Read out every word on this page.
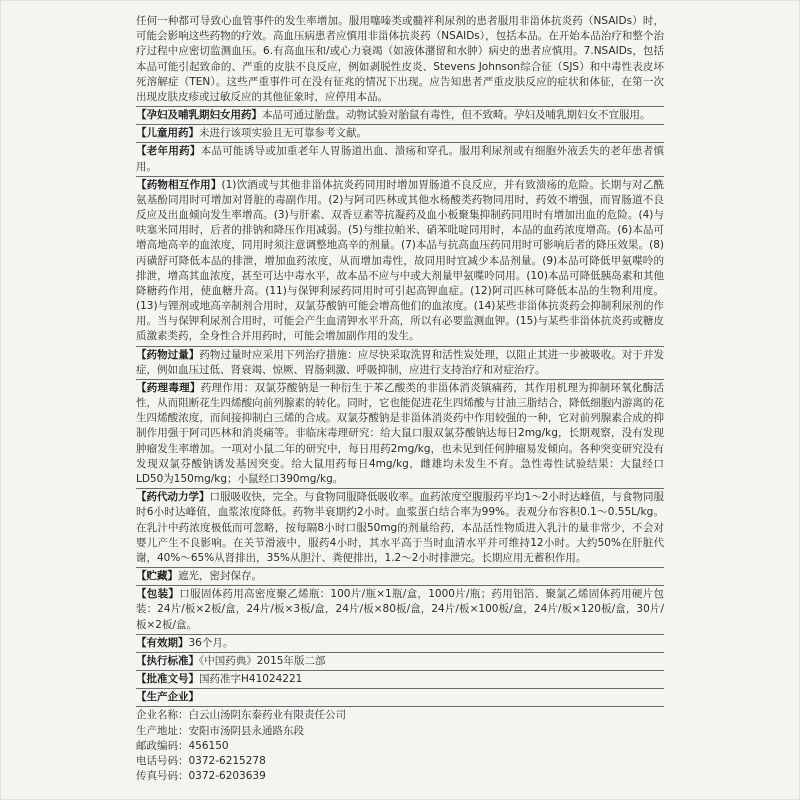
任何一种都可导致心血管事件的发生率增加。服用噻嗪类或髓袢利尿剂的患者服用非甾体抗炎药（NSAIDs）时，可能会影响这些药物的疗效。高血压病患者应慎用非甾体抗炎药（NSAIDs），包括本品。在开始本品治疗和整个治疗过程中应密切监测血压。6.有高血压和/或心力衰竭（如液体潴留和水肿）病史的患者应慎用。7.NSAIDs，包括本品可能引起致命的、严重的皮肤不良反应，例如剥脱性皮炎、Stevens Johnson综合征（SJS）和中毒性表皮坏死溶解症（TEN）。这些严重事件可在没有征兆的情况下出现。应告知患者严重皮肤反应的症状和体征，在第一次出现皮肤皮疹或过敏反应的其他征象时，应停用本品。

【孕妇及哺乳期妇女用药】本品可通过胎盘。动物试验对胎鼠有毒性，但不致畸。孕妇及哺乳期妇女不宜服用。

【儿童用药】未进行该项实验且无可靠参考文献。

【老年用药】本品可能诱导或加重老年人胃肠道出血、溃疡和穿孔。服用利尿剂或有细胞外液丢失的老年患者慎用。

【药物相互作用】(1)饮酒或与其他非甾体抗炎药同用时增加胃肠道不良反应，并有致溃疡的危险。长期与对乙酰氨基酚同用时可增加对肾脏的毒副作用。(2)与阿司匹林或其他水杨酸类药物同用时，药效不增强，而胃肠道不良反应及出血倾向发生率增高。(3)与肝素、双香豆素等抗凝药及血小板聚集抑制药同用时有增加出血的危险。(4)与呋塞米同用时，后者的排钠和降压作用减弱。(5)与维拉帕米、硝苯吡啶同用时，本品的血药浓度增高。(6)本品可增高地高辛的血浓度，同用时须注意调整地高辛的剂量。(7)本品与抗高血压药同用时可影响后者的降压效果。(8)丙磺舒可降低本品的排泄，增加血药浓度，从而增加毒性，故同用时宜减少本品剂量。(9)本品可降低甲氨喋呤的排泄，增高其血浓度，甚至可达中毒水平，故本品不应与中或大剂量甲氨喋呤同用。(10)本品可降低胰岛素和其他降糖药作用，使血糖升高。(11)与保钾利尿药同用时可引起高钾血症。(12)阿司匹林可降低本品的生物利用度。(13)与锂剂或地高辛制剂合用时，双氯芬酸钠可能会增高他们的血浓度。(14)某些非甾体抗炎药会抑制利尿剂的作用。当与保钾利尿剂合用时，可能会产生血清钾水平升高，所以有必要监测血钾。(15)与某些非甾体抗炎药或糖皮质激素类药，全身性合并用药时，可能会增加副作用的发生。

【药物过量】药物过量时应采用下列治疗措施：应尽快采取洗胃和活性炭处理，以阻止其进一步被吸收。对于并发症，例如血压过低、肾衰竭、惊厥、胃肠刺激、呼吸抑制，应进行支持治疗和对症治疗。

【药理毒理】药理作用：双氯芬酸钠是一种衍生于苯乙酸类的非甾体消炎镇痛药，其作用机理为抑制环氧化酶活性，从而阻断花生四烯酸向前列腺素的转化。同时，它也能促进花生四烯酸与甘油三脂结合，降低细胞内游离的花生四烯酸浓度，而间接抑制白三烯的合成。双氯芬酸钠是非甾体消炎药中作用较强的一种，它对前列腺素合成的抑制作用强于阿司匹林和消炎痛等。非临床毒理研究：给大鼠口服双氯芬酸钠达每日2mg/kg，长期观察，没有发现肿瘤发生率增加。一项对小鼠二年的研究中，每日用药2mg/kg，也未见到任何肿瘤易发倾向。各种突变研究没有发现双氯芬酸钠诱发基因突变。给大鼠用药每日4mg/kg，雌雄均未发生不育。急性毒性试验结果：大鼠经口LD50为150mg/kg；小鼠经口390mg/kg。

【药代动力学】口服吸收快，完全。与食物同服降低吸收率。血药浓度空腹服药平均1～2小时达峰值，与食物同服时6小时达峰值，血浆浓度降低。药物半衰期约2小时。血浆蛋白结合率为99%。表观分布容积0.1～0.55L/kg。在乳汁中药浓度极低而可忽略，按每隔8小时口服50mg的剂量给药，本品活性物质进入乳汁的量非常少，不会对婴儿产生不良影响。在关节滑液中，服药4小时，其水平高于当时血清水平并可维持12小时。大约50%在肝脏代谢，40%～65%从肾排出，35%从胆汁、粪便排出，1.2～2小时排泄完。长期应用无蓄积作用。

【贮藏】遮光，密封保存。

【包装】口服固体药用高密度聚乙烯瓶：100片/瓶×1瓶/盒，1000片/瓶；药用铝箔、聚氯乙烯固体药用硬片包装：24片/板×2板/盒，24片/板×3板/盒，24片/板×80板/盒，24片/板×100板/盒，24片/板×120板/盒，30片/板×2板/盒。

【有效期】36个月。

【执行标准】《中国药典》2015年版二部

【批准文号】国药准字H41024221

【生产企业】

企业名称：白云山汤阴东泰药业有限责任公司

生产地址：安阳市汤阴县永通路东段

邮政编码：456150

电话号码：0372-6215278

传真号码：0372-6203639
